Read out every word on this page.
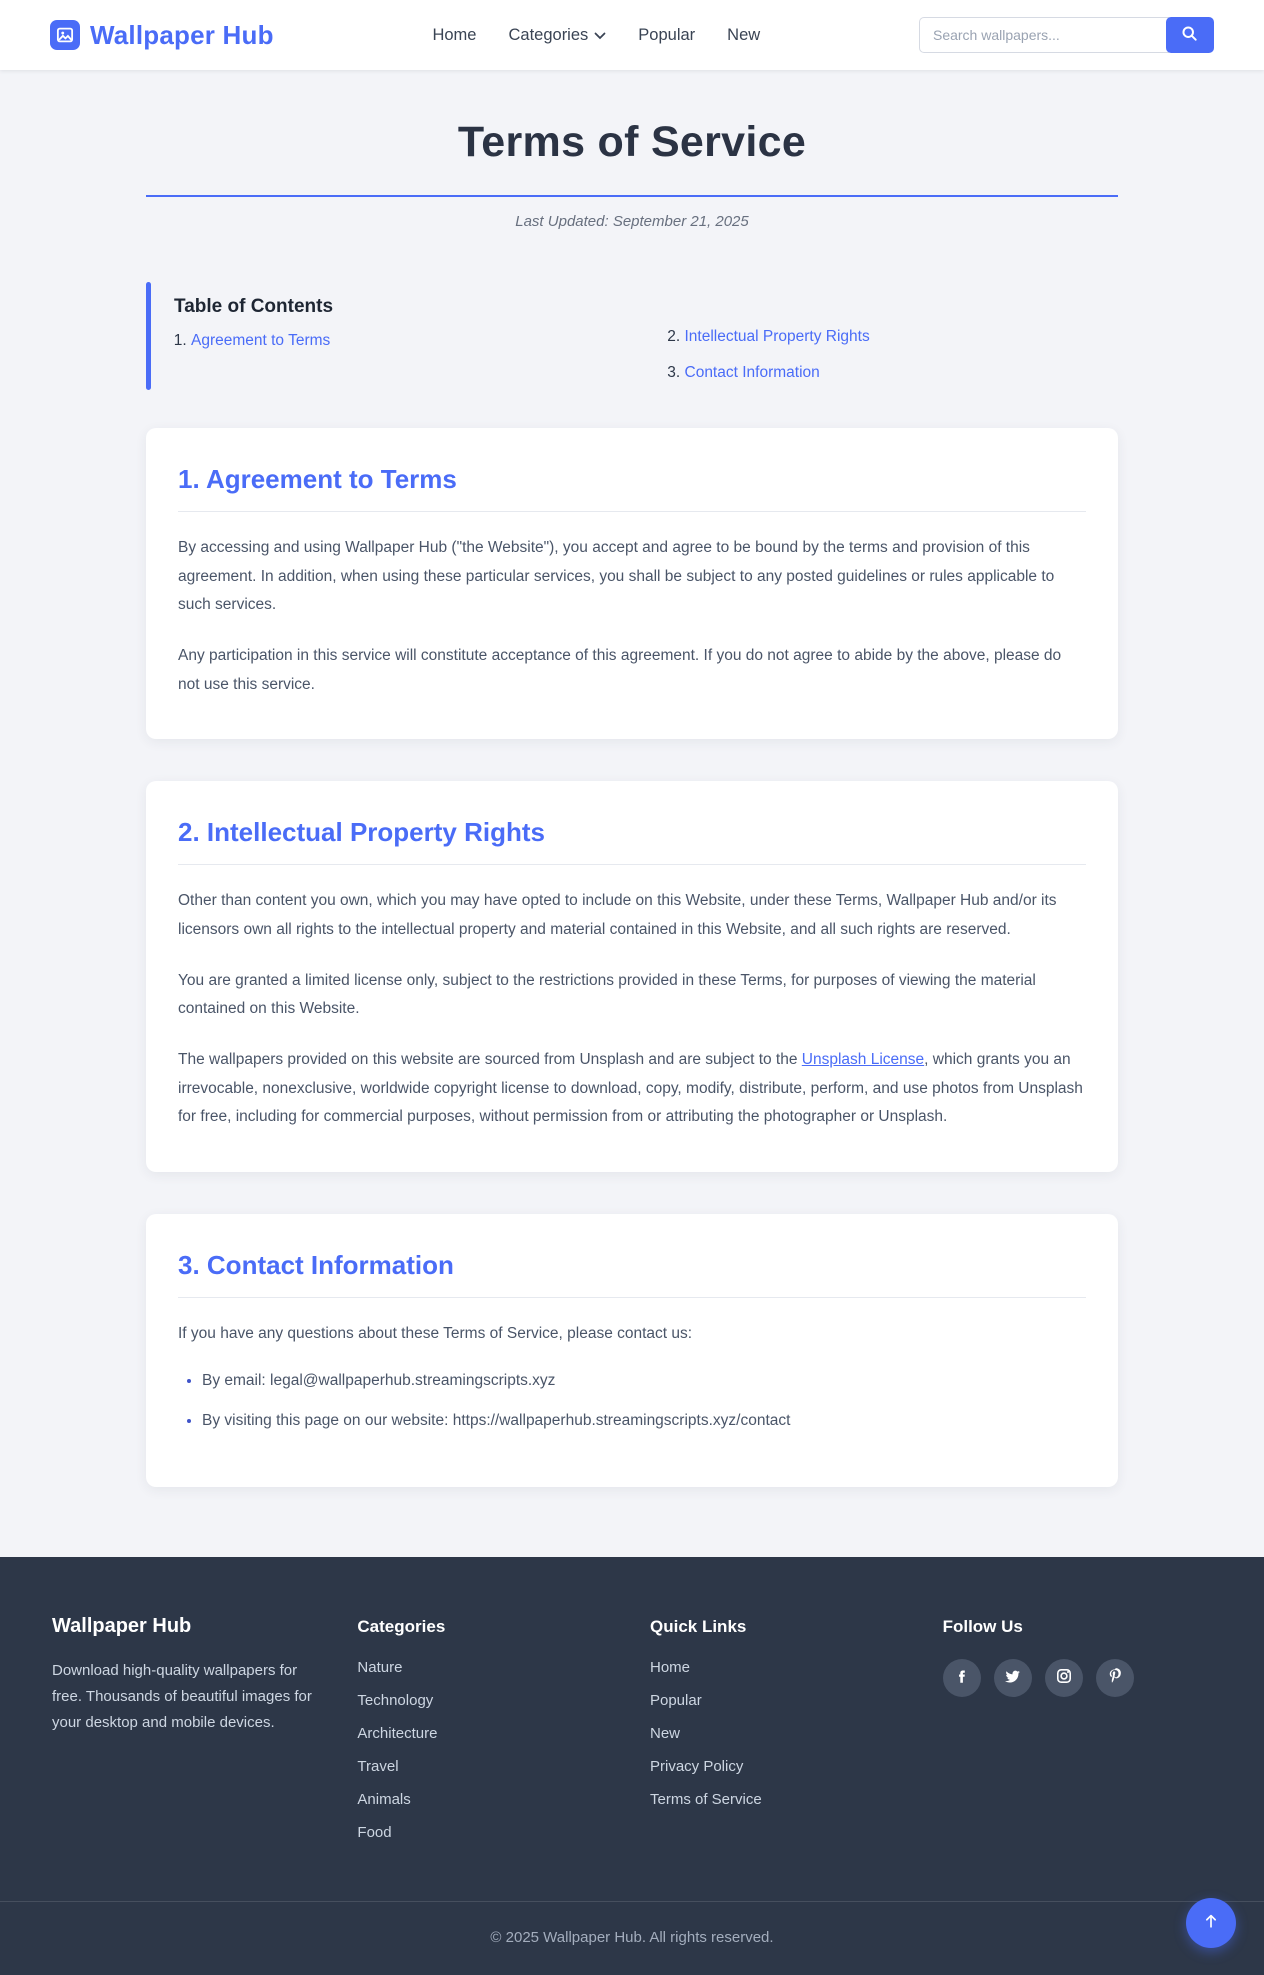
Wallpaper Hub	Home Categories	Popular New
Search wallpapers...
Terms of Service

Last Updated: September 21, 2025

Table of Contents
1. Agreement to Terms	2. Intellectual Property Rights
3. Contact Information
1. Agreement to Terms

By accessing and using Wallpaper Hub ("the Website"), you accept and agree to be bound by the terms and provision of this agreement. In addition, when using these particular services, you shall be subject to any posted guidelines or rules applicable to such services.

Any participation in this service will constitute acceptance of this agreement. If you do not agree to abide by the above, please do not use this service.

2. Intellectual Property Rights

Other than content you own, which you may have opted to include on this Website, under these Terms, Wallpaper Hub and/or its licensors own all rights to the intellectual property and material contained in this Website, and all such rights are reserved.

You are granted a limited license only, subject to the restrictions provided in these Terms, for purposes of viewing the material contained on this Website.

The wallpapers provided on this website are sourced from Unsplash and are subject to the Unsplash License, which grants you an irrevocable, nonexclusive, worldwide copyright license to download, copy, modify, distribute, perform, and use photos from Unsplash for free, including for commercial purposes, without permission from or attributing the photographer or Unsplash.

3. Contact Information

If you have any questions about these Terms of Service, please contact us:

• By email: legal@wallpaperhub.streamingscripts.xyz
• By visiting this page on our website: https://wallpaperhub.streamingscripts.xyz/contact
Wallpaper Hub

Download high-quality wallpapers for free. Thousands of beautiful images for your desktop and mobile devices.

Categories
Nature
Technology
Architecture
Travel
Animals
Food
Quick Links
Home
Popular
New
Privacy Policy
Terms of Service
Follow Us
© 2025 Wallpaper Hub. All rights reserved.
